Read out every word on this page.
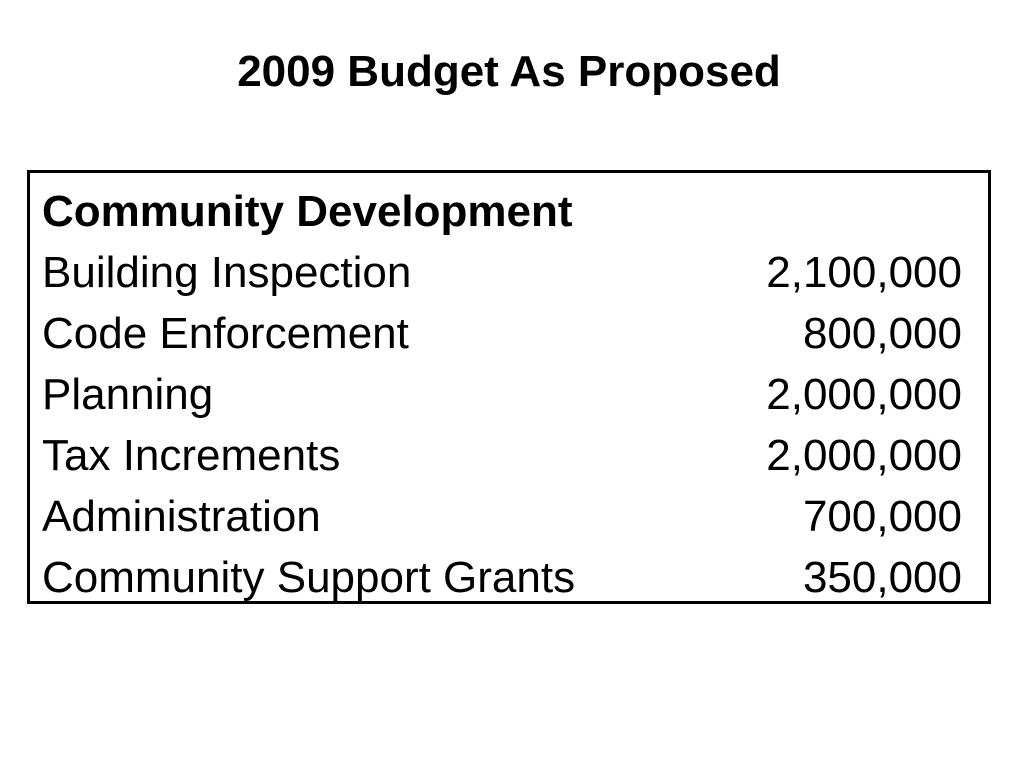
2009 Budget As Proposed
Community Development	
Building Inspection	2,100,000
Code Enforcement	800,000
Planning	2,000,000
Tax Increments	2,000,000
Administration	700,000
Community Support Grants	350,000
